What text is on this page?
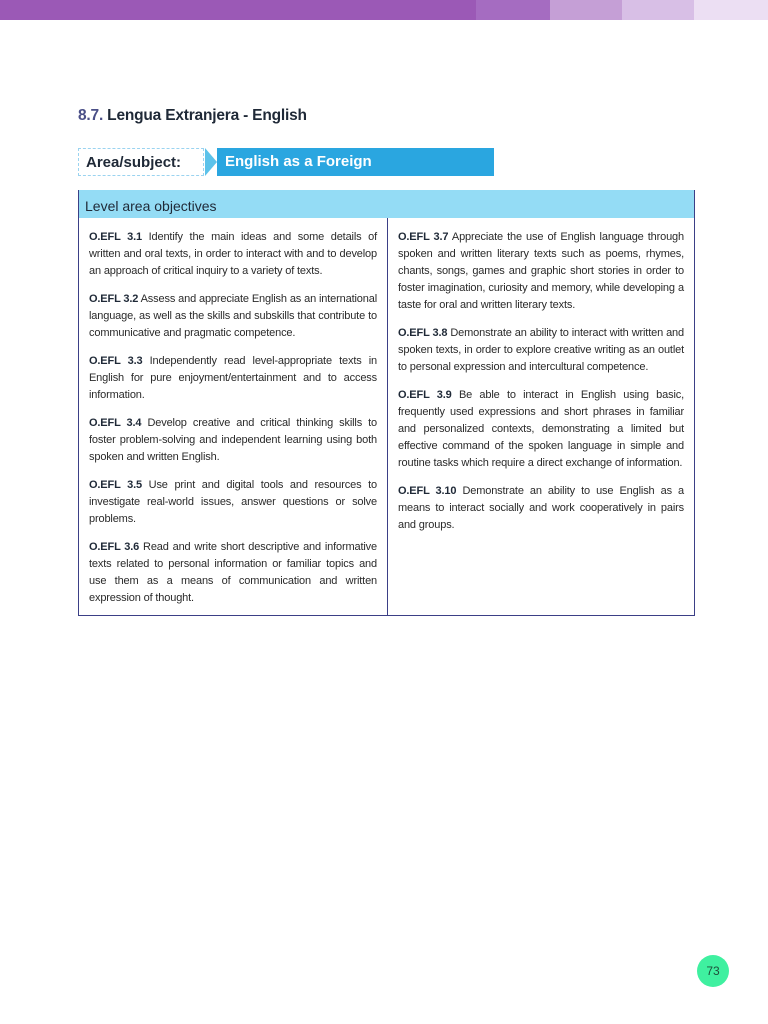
8.7. Lengua Extranjera - English
Area/subject:	English as a Foreign
Level area objectives

O.EFL 3.1 Identify the main ideas and some details of written and oral texts, in order to interact with and to develop an approach of critical inquiry to a variety of texts.

O.EFL 3.2 Assess and appreciate English as an international language, as well as the skills and subskills that contribute to communicative and pragmatic competence.

O.EFL 3.3 Independently read level-appropriate texts in English for pure enjoyment/entertainment and to access information.

O.EFL 3.4 Develop creative and critical thinking skills to foster problem-solving and independent learning using both spoken and written English.

O.EFL 3.5 Use print and digital tools and resources to investigate real-world issues, answer questions or solve problems.

O.EFL 3.6 Read and write short descriptive and informative texts related to personal information or familiar topics and use them as a means of communication and written expression of thought.

O.EFL 3.7 Appreciate the use of English language through spoken and written literary texts such as poems, rhymes, chants, songs, games and graphic short stories in order to foster imagination, curiosity and memory, while developing a taste for oral and written literary texts.

O.EFL 3.8 Demonstrate an ability to interact with written and spoken texts, in order to explore creative writing as an outlet to personal expression and intercultural competence.

O.EFL 3.9 Be able to interact in English using basic, frequently used expressions and short phrases in familiar and personalized contexts, demonstrating a limited but effective command of the spoken language in simple and routine tasks which require a direct exchange of information.

O.EFL 3.10 Demonstrate an ability to use English as a means to interact socially and work cooperatively in pairs and groups.

73
